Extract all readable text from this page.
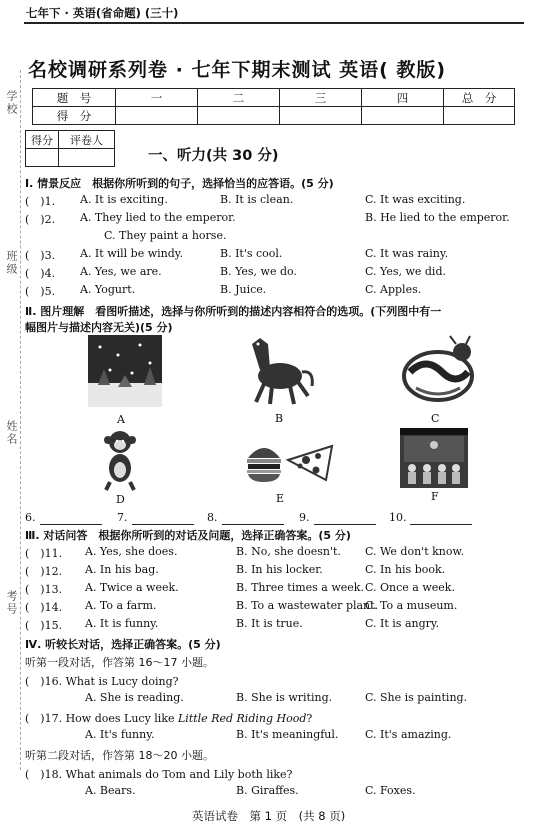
学校
班级
姓名
考号
七年下 · 英语(省命题) (三十)
名校调研系列卷 · 七年下期末测试 英语( 教版)
题　号	一	二	三	四	总　分
得　分					
得分	评卷人

一、听力(共 30 分)
Ⅰ. 情景反应　根据你所听到的句子，选择恰当的应答语。(5 分)
(　)1. A. It is exciting.	B. It is clean.	C. It was exciting.
(　)2. A. They lied to the emperor.	B. He lied to the emperor.
C. They paint a horse.
(　)3. A. It will be windy.	B. It's cool.	C. It was rainy.
(　)4. A. Yes, we are.	B. Yes, we do.	C. Yes, we did.
(　)5. A. Yogurt.	B. Juice.	C. Apples.
Ⅱ. 图片理解　看图听描述，选择与你所听到的描述内容相符合的选项。(下列图中有一
幅图片与描述内容无关)(5 分)
A	B	C
D	E	F
6.	7.	8.	9.	10.
Ⅲ. 对话问答　根据你所听到的对话及问题，选择正确答案。(5 分)
(　)11. A. Yes, she does.	B. No, she doesn't. C. We don't know.
(　)12. A. In his bag.	B. In his locker.	C. In his book.
(　)13. A. Twice a week.	B. Three times a week. C. Once a week.
(　)14. A. To a farm.	B. To a wastewater plant.
C. To a museum.
(　)15. A. It is funny.	B. It is true.	C. It is angry.
Ⅳ. 听较长对话，选择正确答案。(5 分)
听第一段对话，作答第 16～17 小题。
(　)16. What is Lucy doing?
A. She is reading.	B. She is writing.	C. She is painting.
(　)17. How does Lucy like Little Red Riding Hood?
A. It's funny.	B. It's meaningful. C. It's amazing.
听第二段对话，作答第 18～20 小题。
(　)18. What animals do Tom and Lily both like?
A. Bears.	B. Giraffes.	C. Foxes.
英语试卷　第 1 页　(共 8 页)
